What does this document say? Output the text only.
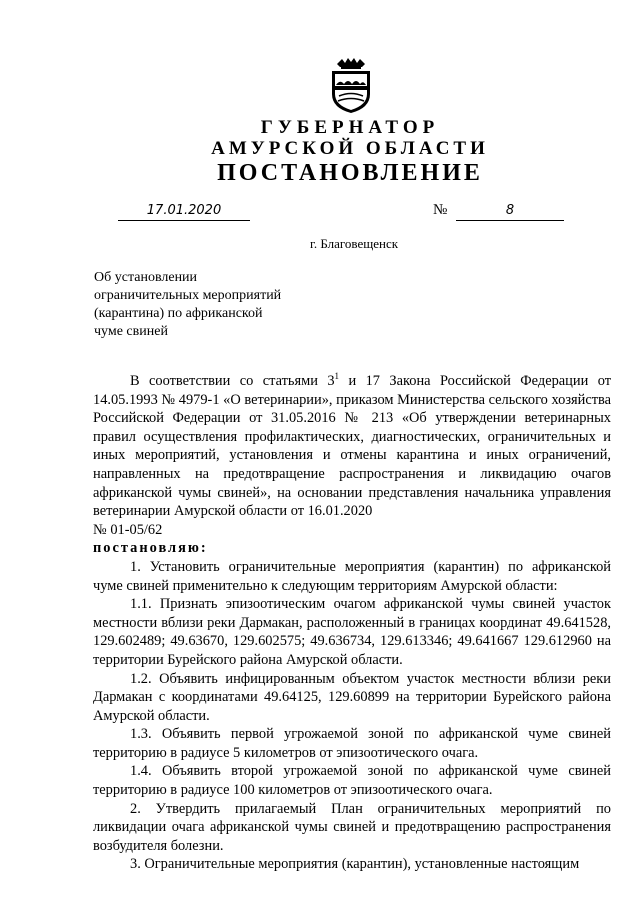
ГУБЕРНАТОР
АМУРСКОЙ ОБЛАСТИ
ПОСТАНОВЛЕНИЕ
17.01.2020	№	8
г. Благовещенск
Об установлении
ограничительных мероприятий
(карантина) по африканской
чуме свиней

В соответствии со статьями $3^1$ и 17 Закона Российской Федерации от 14.05.1993 № 4979-1 «О ветеринарии», приказом Министерства сельского хозяйства Российской Федерации от 31.05.2016 № 213 «Об утверждении ветеринарных правил осуществления профилактических, диагностических, ограничительных и иных мероприятий, установления и отмены карантина и иных ограничений, направленных на предотвращение распространения и ликвидацию очагов африканской чумы свиней», на основании представления начальника управления ветеринарии Амурской области от 16.01.2020

№ 01-05/62

постановляю:

1. Установить ограничительные мероприятия (карантин) по африканской чуме свиней применительно к следующим территориям Амурской области:

1.1. Признать эпизоотическим очагом африканской чумы свиней участок местности вблизи реки Дармакан, расположенный в границах координат 49.641528, 129.602489; 49.63670, 129.602575; 49.636734, 129.613346; 49.641667 129.612960 на территории Бурейского района Амурской области.

1.2. Объявить инфицированным объектом участок местности вблизи реки Дармакан с координатами 49.64125, 129.60899 на территории Бурейского района Амурской области.

1.3. Объявить первой угрожаемой зоной по африканской чуме свиней территорию в радиусе 5 километров от эпизоотического очага.

1.4. Объявить второй угрожаемой зоной по африканской чуме свиней территорию в радиусе 100 километров от эпизоотического очага.

2. Утвердить прилагаемый План ограничительных мероприятий по ликвидации очага африканской чумы свиней и предотвращению распространения возбудителя болезни.

3. Ограничительные мероприятия (карантин), установленные настоящим
